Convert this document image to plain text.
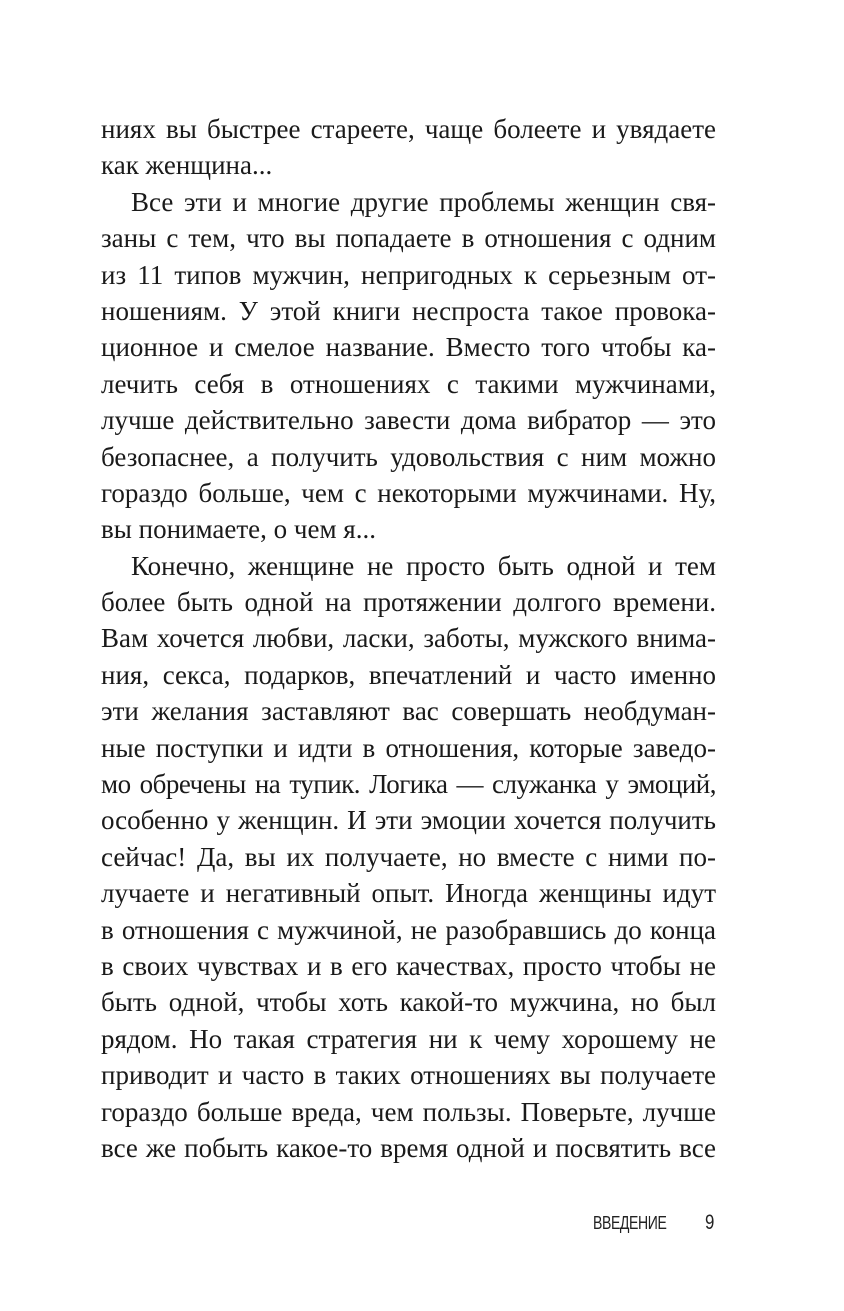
ниях вы быстрее стареете, чаще болеете и увядаете
как женщина...
Все эти и многие другие проблемы женщин свя-
заны с тем, что вы попадаете в отношения с одним
из 11 типов мужчин, непригодных к серьезным от-
ношениям. У этой книги неспроста такое провока-
ционное и смелое название. Вместо того чтобы ка-
лечить себя в отношениях с такими мужчинами,
лучше действительно завести дома вибратор — это
безопаснее, а получить удовольствия с ним можно
гораздо больше, чем с некоторыми мужчинами. Ну,
вы понимаете, о чем я...
Конечно, женщине не просто быть одной и тем
более быть одной на протяжении долгого времени.
Вам хочется любви, ласки, заботы, мужского внима-
ния, секса, подарков, впечатлений и часто именно
эти желания заставляют вас совершать необдуман-
ные поступки и идти в отношения, которые заведо-
мо обречены на тупик. Логика — служанка у эмоций,
особенно у женщин. И эти эмоции хочется получить
сейчас! Да, вы их получаете, но вместе с ними по-
лучаете и негативный опыт. Иногда женщины идут
в отношения с мужчиной, не разобравшись до конца
в своих чувствах и в его качествах, просто чтобы не
быть одной, чтобы хоть какой-то мужчина, но был
рядом. Но такая стратегия ни к чему хорошему не
приводит и часто в таких отношениях вы получаете
гораздо больше вреда, чем пользы. Поверьте, лучше
все же побыть какое-то время одной и посвятить все
ВВЕДЕНИЕ 9
